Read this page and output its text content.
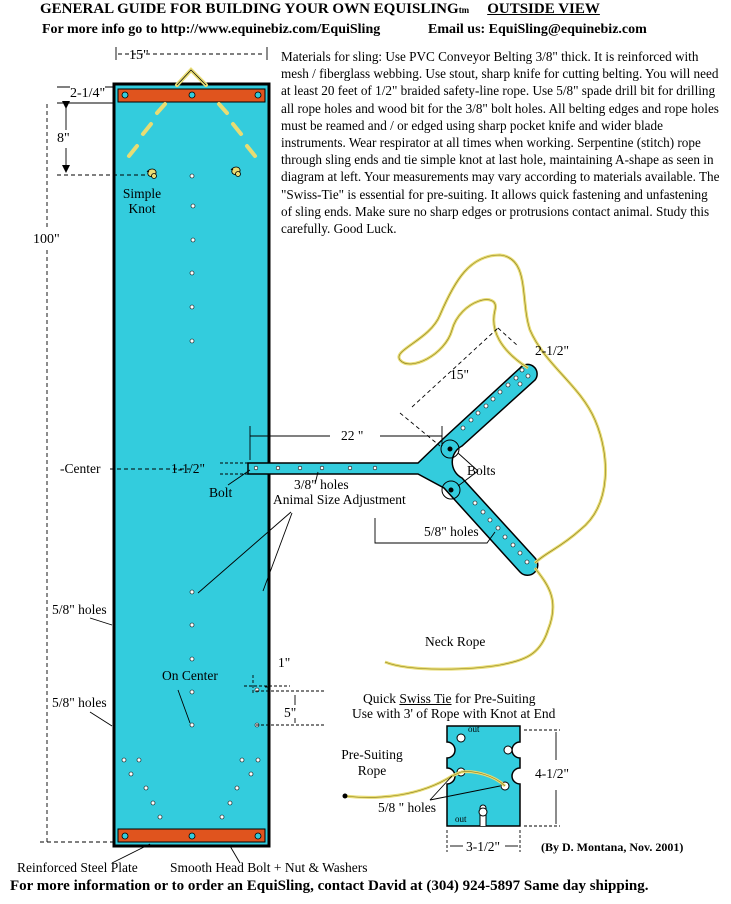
GENERAL GUIDE FOR BUILDING YOUR OWN EQUISLINGtm OUTSIDE VIEW
For more info go to http://www.equinebiz.com/EquiSling	Email us: EquiSling@equinebiz.com
Materials for sling: Use PVC Conveyor Belting 3/8" thick. It is reinforced with mesh / fiberglass webbing. Use stout, sharp knife for cutting belting. You will need at least 20 feet of 1/2" braided safety-line rope. Use 5/8" spade drill bit for drilling all rope holes and wood bit for the 3/8" bolt holes. All belting edges and rope holes must be reamed and / or edged using sharp pocket knife and wider blade instruments. Wear respirator at all times when working. Serpentine (stitch) rope through sling ends and tie simple knot at last hole, maintaining A-shape as seen in diagram at left. Your measurements may vary according to materials available. The "Swiss-Tie" is essential for pre-suiting. It allows quick fastening and unfastening of sling ends. Make sure no sharp edges or protrusions contact animal. Study this carefully. Good Luck.
15"
2-1/4"
8"
100"
Simple Knot
-Center	1-1/2"
Bolt
3/8" holes
Animal Size Adjustment
22 "
15"
2-1/2"
Bolts
5/8" holes
Neck Rope
5/8" holes
5/8" holes
On Center
1"
5"
Quick Swiss Tie for Pre-Suiting
Use with 3' of Rope with Knot at End
Pre-Suiting Rope
5/8 " holes
4-1/2"
3-1/2"
out
out
(By D. Montana, Nov. 2001)
Reinforced Steel Plate Smooth Head Bolt + Nut & Washers
For more information or to order an EquiSling, contact David at (304) 924-5897 Same day shipping.
